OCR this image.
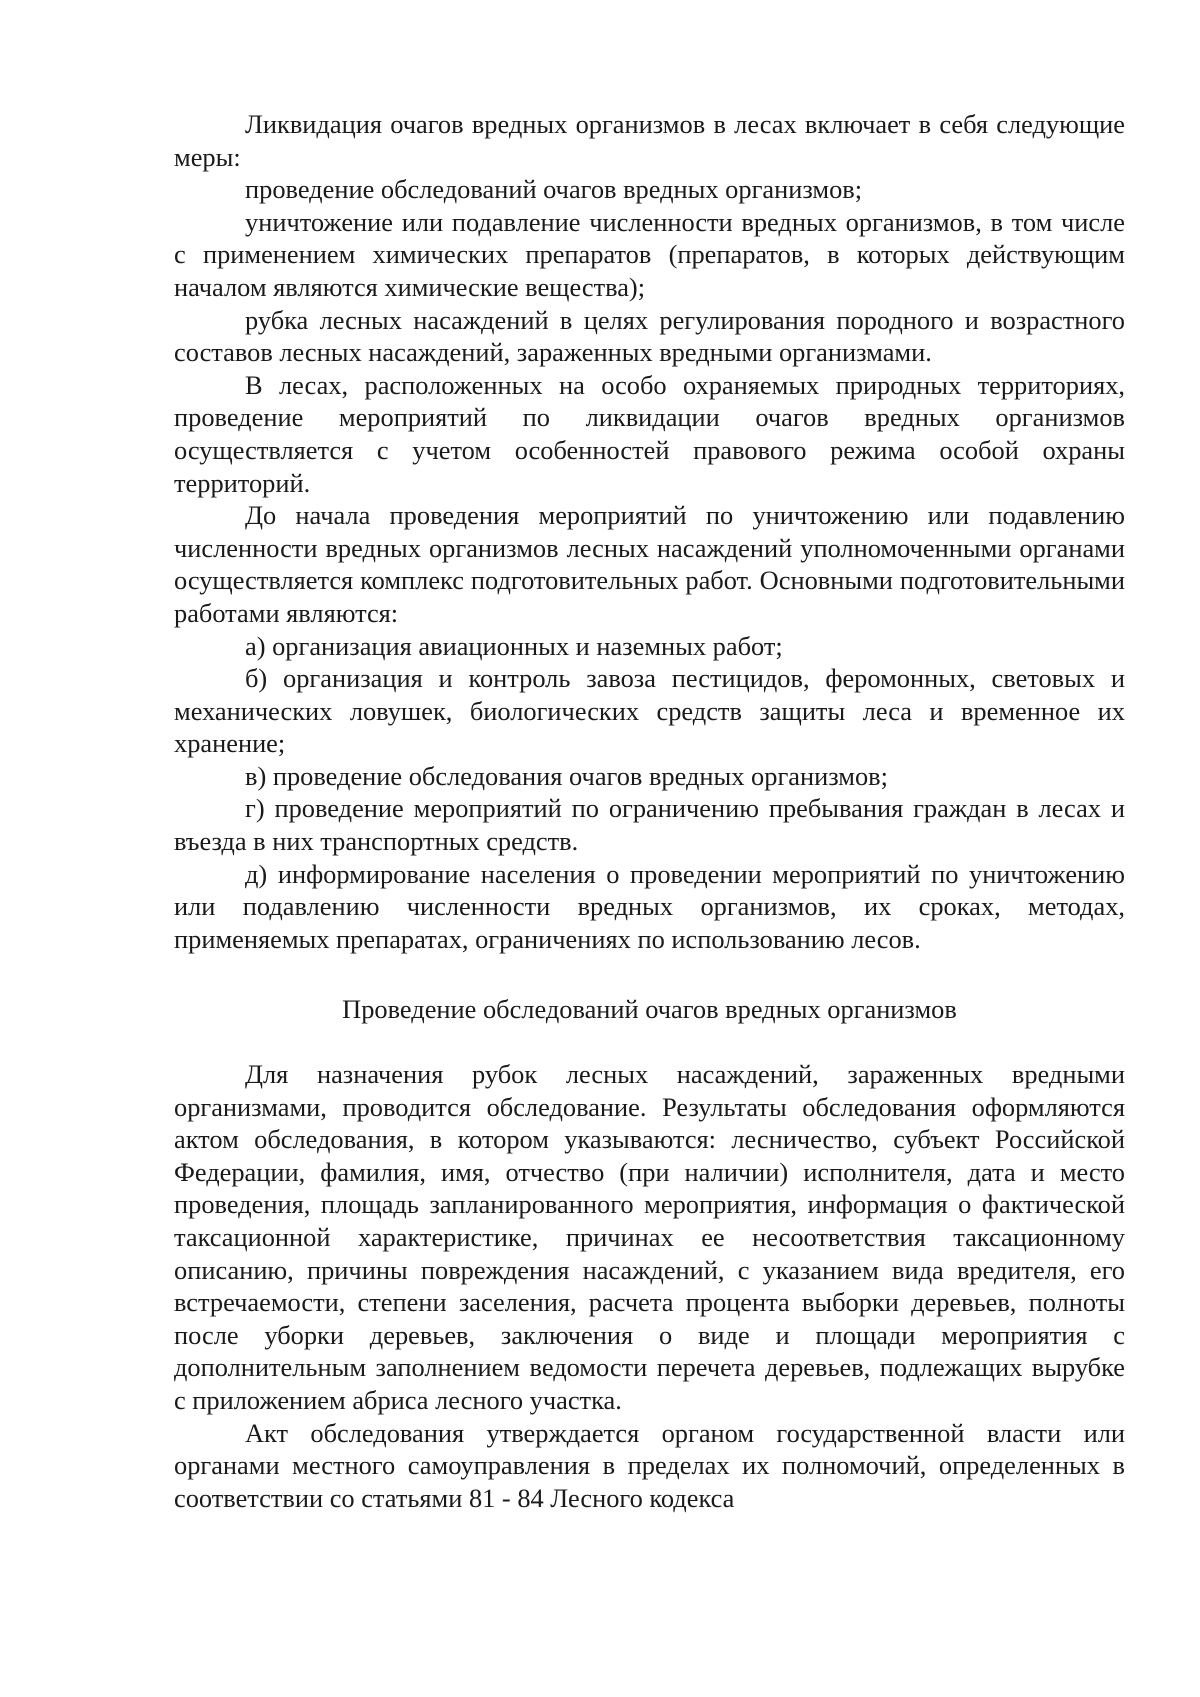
Ликвидация очагов вредных организмов в лесах включает в себя следующие меры:

проведение обследований очагов вредных организмов;

уничтожение или подавление численности вредных организмов, в том числе с применением химических препаратов (препаратов, в которых действующим началом являются химические вещества);

рубка лесных насаждений в целях регулирования породного и возрастного составов лесных насаждений, зараженных вредными организмами.

В лесах, расположенных на особо охраняемых природных территориях, проведение мероприятий по ликвидации очагов вредных организмов осуществляется с учетом особенностей правового режима особой охраны территорий.

До начала проведения мероприятий по уничтожению или подавлению численности вредных организмов лесных насаждений уполномоченными органами осуществляется комплекс подготовительных работ. Основными подготовительными работами являются:

а) организация авиационных и наземных работ;

б) организация и контроль завоза пестицидов, феромонных, световых и механических ловушек, биологических средств защиты леса и временное их хранение;

в) проведение обследования очагов вредных организмов;

г) проведение мероприятий по ограничению пребывания граждан в лесах и въезда в них транспортных средств.

д) информирование населения о проведении мероприятий по уничтожению или подавлению численности вредных организмов, их сроках, методах, применяемых препаратах, ограничениях по использованию лесов.

Проведение обследований очагов вредных организмов

Для назначения рубок лесных насаждений, зараженных вредными организмами, проводится обследование. Результаты обследования оформляются актом обследования, в котором указываются: лесничество, субъект Российской Федерации, фамилия, имя, отчество (при наличии) исполнителя, дата и место проведения, площадь запланированного мероприятия, информация о фактической таксационной характеристике, причинах ее несоответствия таксационному описанию, причины повреждения насаждений, с указанием вида вредителя, его встречаемости, степени заселения, расчета процента выборки деревьев, полноты после уборки деревьев, заключения о виде и площади мероприятия с дополнительным заполнением ведомости перечета деревьев, подлежащих вырубке с приложением абриса лесного участка.

Акт обследования утверждается органом государственной власти или органами местного самоуправления в пределах их полномочий, определенных в соответствии со статьями 81 - 84 Лесного кодекса
